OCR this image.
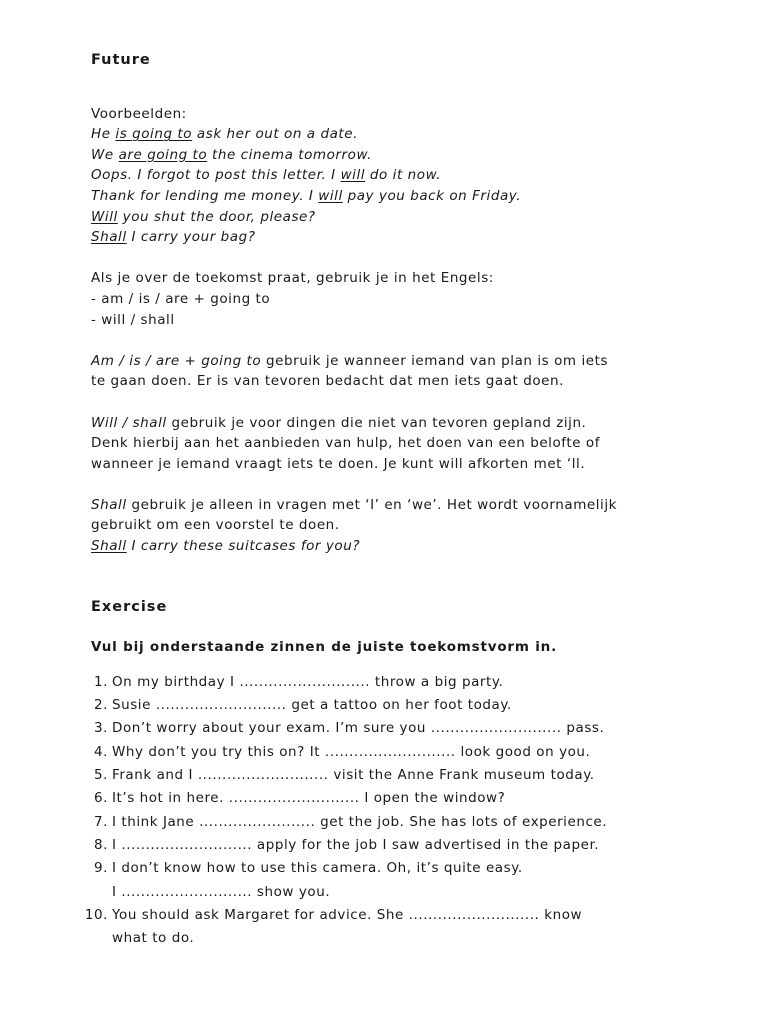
Future
Voorbeelden:
He is going to ask her out on a date.
We are going to the cinema tomorrow.
Oops. I forgot to post this letter. I will do it now.
Thank for lending me money. I will pay you back on Friday.
Will you shut the door, please?
Shall I carry your bag?
Als je over de toekomst praat, gebruik je in het Engels:
- am / is / are + going to
- will / shall
Am / is / are + going to gebruik je wanneer iemand van plan is om iets
te gaan doen. Er is van tevoren bedacht dat men iets gaat doen.
Will / shall gebruik je voor dingen die niet van tevoren gepland zijn.
Denk hierbij aan het aanbieden van hulp, het doen van een belofte of
wanneer je iemand vraagt iets te doen. Je kunt will afkorten met ‘ll.
Shall gebruik je alleen in vragen met ‘I’ en ‘we’. Het wordt voornamelijk
gebruikt om een voorstel te doen.
Shall I carry these suitcases for you?
Exercise
Vul bij onderstaande zinnen de juiste toekomstvorm in.
1. On my birthday I ........................... throw a big party.
2. Susie ........................... get a tattoo on her foot today.
3. Don’t worry about your exam. I’m sure you ........................... pass.
4. Why don’t you try this on? It ........................... look good on you.
5. Frank and I ........................... visit the Anne Frank museum today.
6. It’s hot in here. ........................... I open the window?
7. I think Jane ........................ get the job. She has lots of experience.
8. I ........................... apply for the job I saw advertised in the paper.
9. I don’t know how to use this camera. Oh, it’s quite easy.
I ........................... show you.
10. You should ask Margaret for advice. She ........................... know
what to do.
